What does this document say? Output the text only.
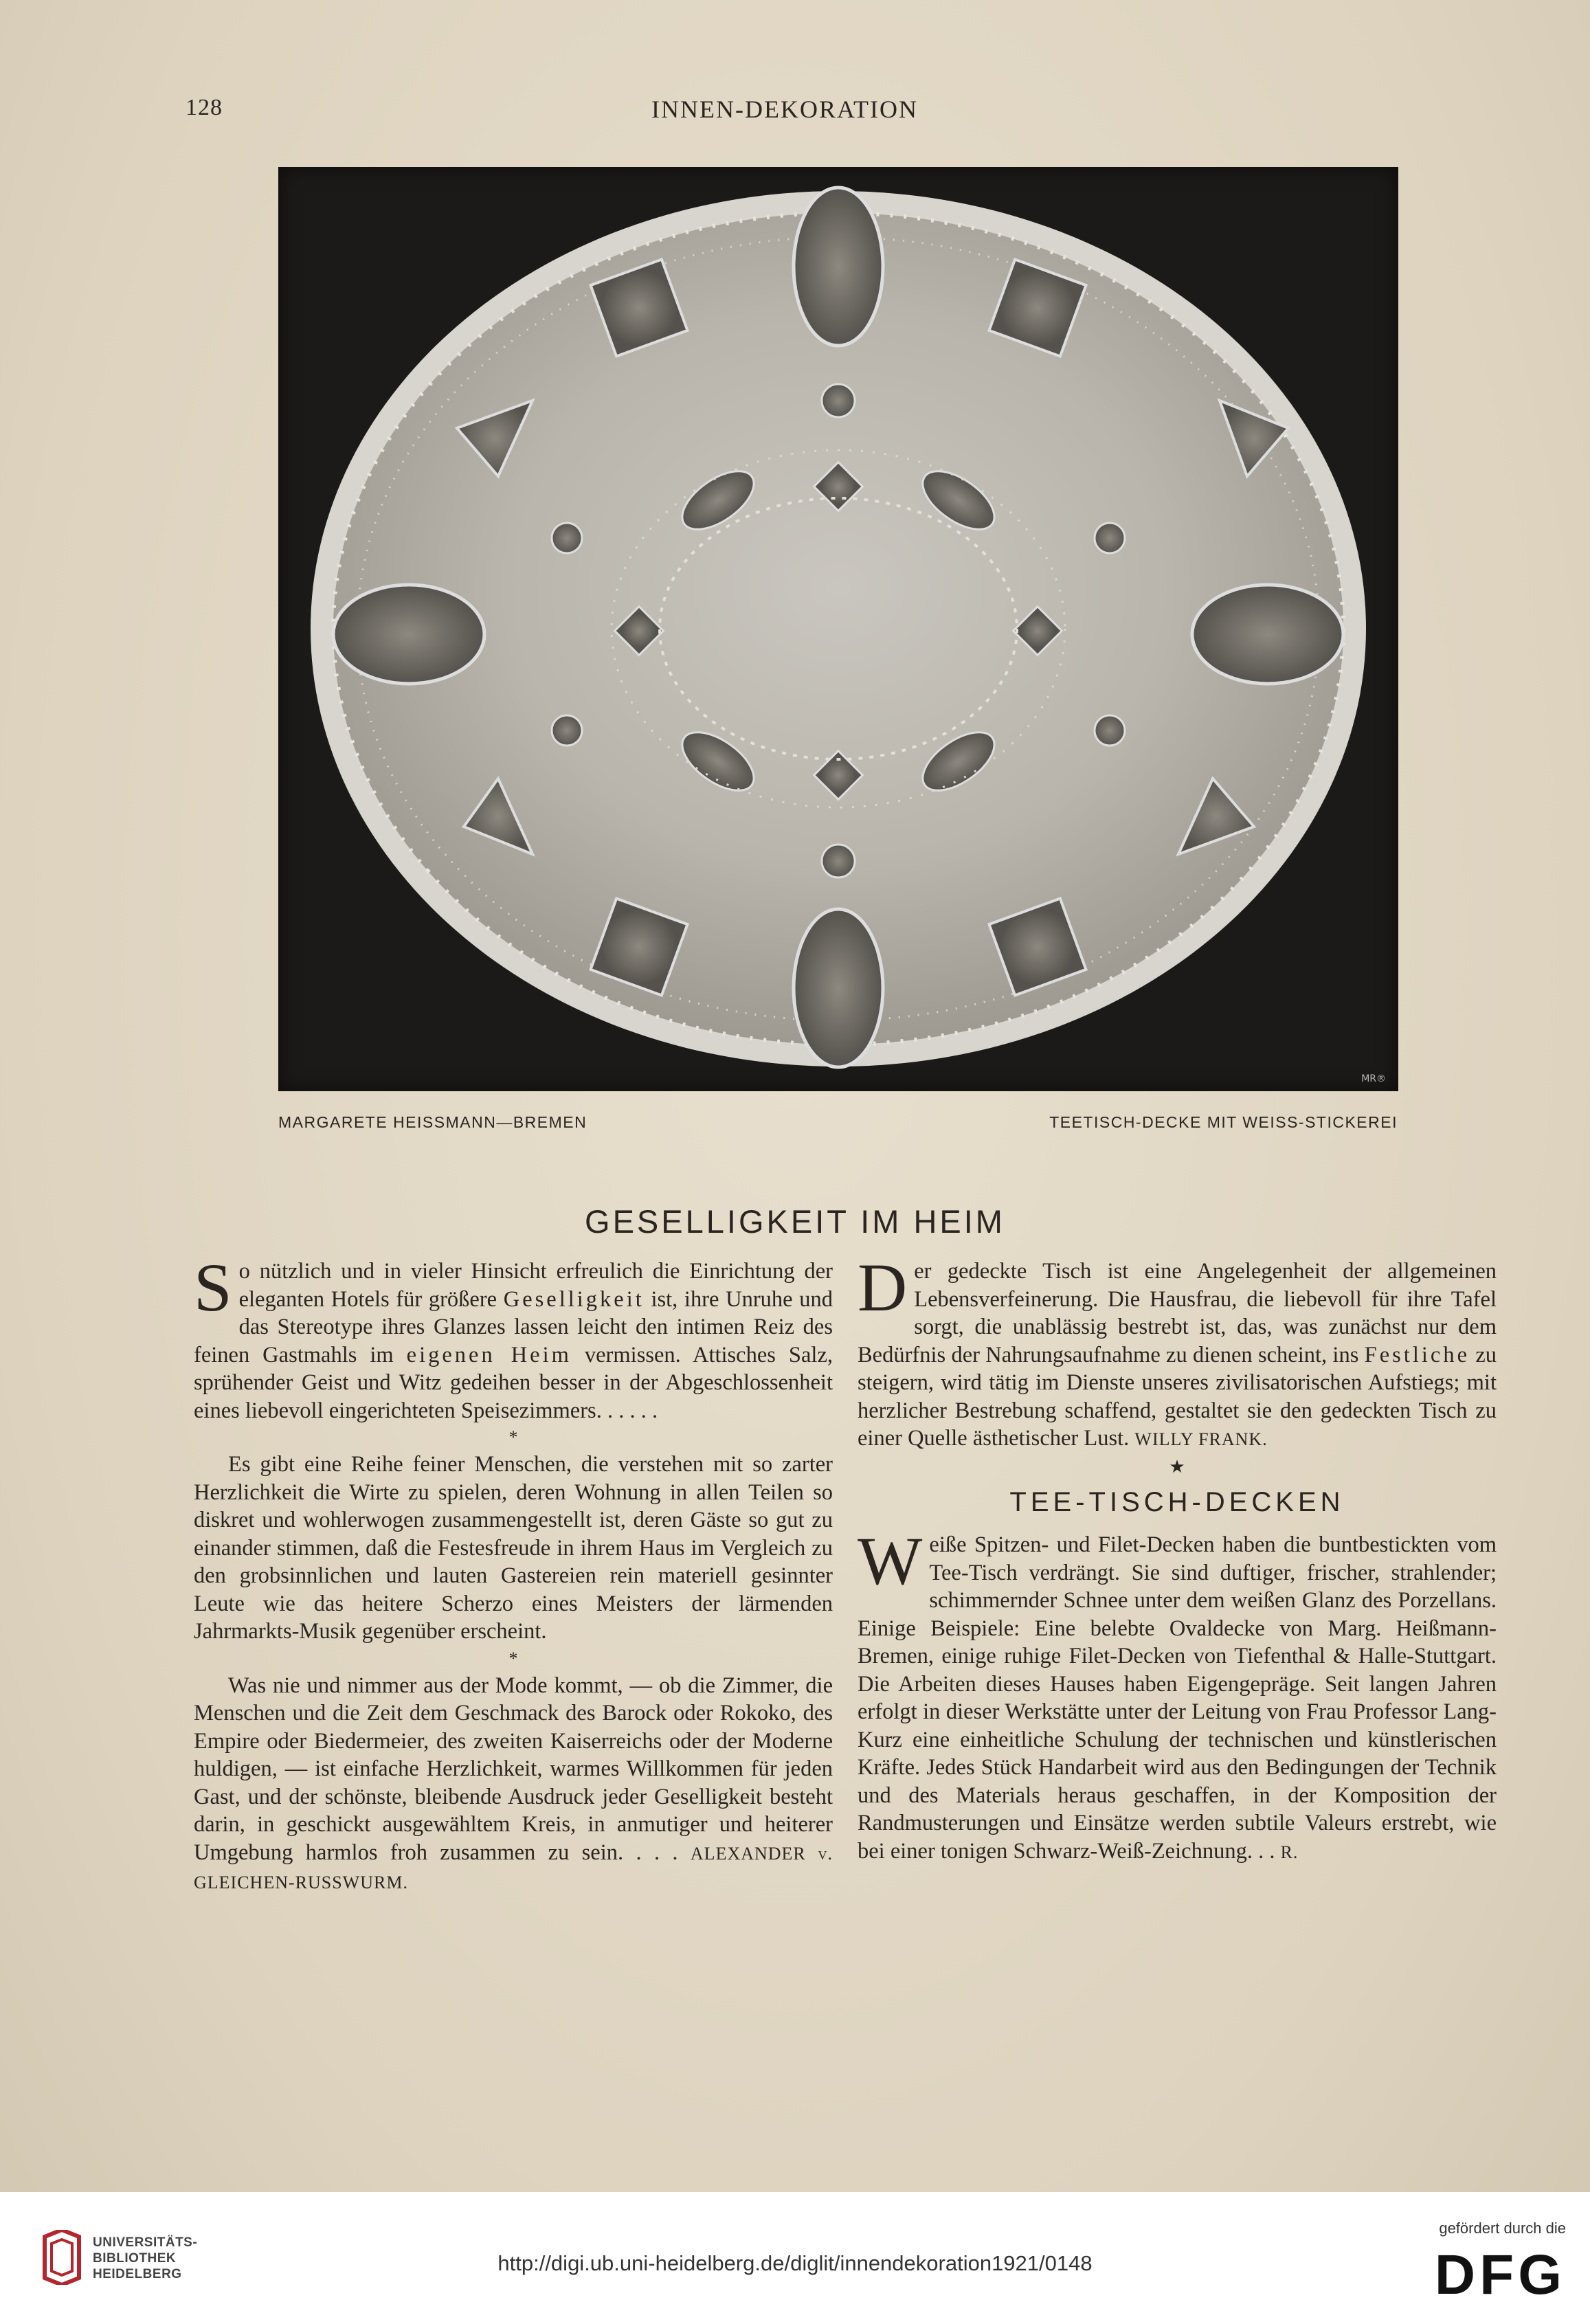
128	INNEN-DEKORATION
MR®
MARGARETE HEISSMANN—BREMEN	TEETISCH-DECKE MIT WEISS-STICKEREI
GESELLIGKEIT IM HEIM

So nützlich und in vieler Hinsicht erfreulich die Einrichtung der eleganten Hotels für größere Geselligkeit ist, ihre Unruhe und das Stereotype ihres Glanzes lassen leicht den intimen Reiz des feinen Gastmahls im eigenen Heim vermissen. Attisches Salz, sprühender Geist und Witz gedeihen besser in der Abgeschlossenheit eines liebevoll eingerichteten Speisezimmers. . . . . .

*

Es gibt eine Reihe feiner Menschen, die verstehen mit so zarter Herzlichkeit die Wirte zu spielen, deren Wohnung in allen Teilen so diskret und wohlerwogen zusammengestellt ist, deren Gäste so gut zu einander stimmen, daß die Festesfreude in ihrem Haus im Vergleich zu den grobsinnlichen und lauten Gastereien rein materiell gesinnter Leute wie das heitere Scherzo eines Meisters der lärmenden Jahrmarkts-Musik gegenüber erscheint.

*

Was nie und nimmer aus der Mode kommt, — ob die Zimmer, die Menschen und die Zeit dem Geschmack des Barock oder Rokoko, des Empire oder Biedermeier, des zweiten Kaiserreichs oder der Moderne huldigen, — ist einfache Herzlichkeit, warmes Willkommen für jeden Gast, und der schönste, bleibende Ausdruck jeder Geselligkeit besteht darin, in geschickt ausgewähltem Kreis, in anmutiger und heiterer Umgebung harmlos froh zusammen zu sein. . . . ALEXANDER v. GLEICHEN-RUSSWURM.

Der gedeckte Tisch ist eine Angelegenheit der allgemeinen Lebensverfeinerung. Die Hausfrau, die liebevoll für ihre Tafel sorgt, die unablässig bestrebt ist, das, was zunächst nur dem Bedürfnis der Nahrungsaufnahme zu dienen scheint, ins Festliche zu steigern, wird tätig im Dienste unseres zivilisatorischen Aufstiegs; mit herzlicher Bestrebung schaffend, gestaltet sie den gedeckten Tisch zu einer Quelle ästhetischer Lust. WILLY FRANK.

★
TEE-TISCH-DECKEN

Weiße Spitzen- und Filet-Decken haben die buntbestickten vom Tee-Tisch verdrängt. Sie sind duftiger, frischer, strahlender; schimmernder Schnee unter dem weißen Glanz des Porzellans. Einige Beispiele: Eine belebte Ovaldecke von Marg. Heißmann-Bremen, einige ruhige Filet-Decken von Tiefenthal & Halle-Stuttgart. Die Arbeiten dieses Hauses haben Eigengepräge. Seit langen Jahren erfolgt in dieser Werkstätte unter der Leitung von Frau Professor Lang-Kurz eine einheitliche Schulung der technischen und künstlerischen Kräfte. Jedes Stück Handarbeit wird aus den Bedingungen der Technik und des Materials heraus geschaffen, in der Komposition der Randmusterungen und Einsätze werden subtile Valeurs erstrebt, wie bei einer tonigen Schwarz-Weiß-Zeichnung. . . R.

UNIVERSITÄTS-
BIBLIOTHEK
HEIDELBERG	http://digi.ub.uni-heidelberg.de/diglit/innendekoration1921/0148
gefördert durch die
DFG
